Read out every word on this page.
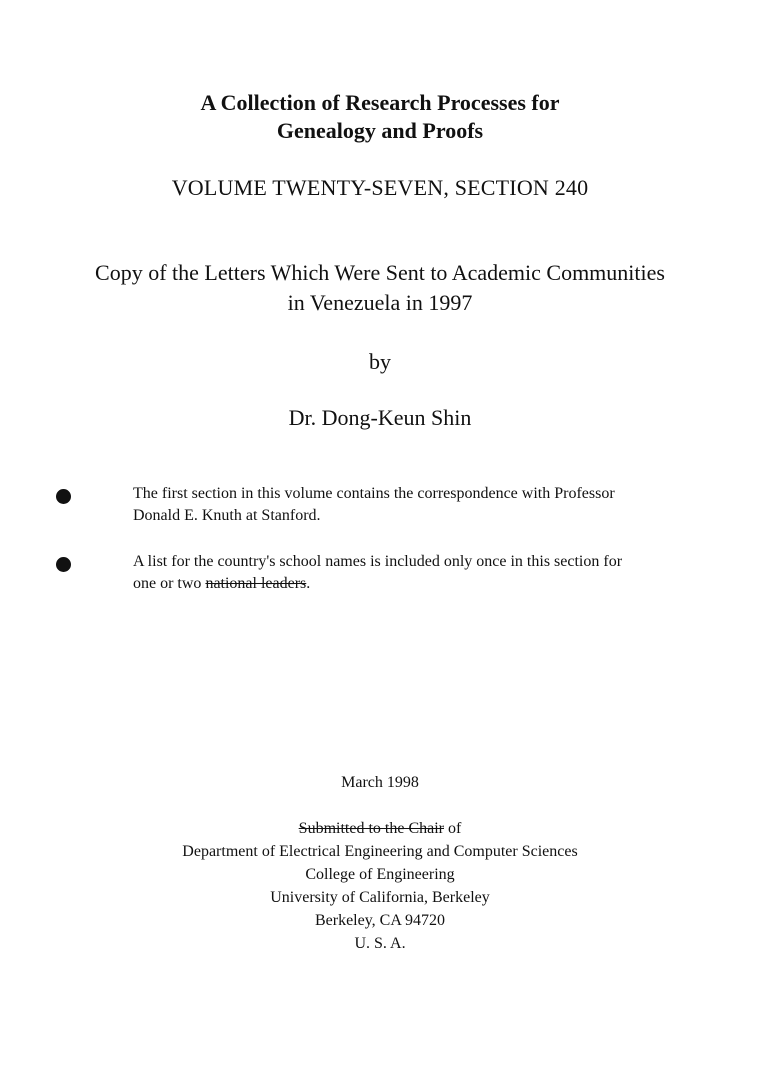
A Collection of Research Processes for
Genealogy and Proofs
VOLUME TWENTY-SEVEN, SECTION 240
Copy of the Letters Which Were Sent to Academic Communities
in Venezuela in 1997
by
Dr. Dong-Keun Shin
The first section in this volume contains the correspondence with Professor
Donald E. Knuth at Stanford.
A list for the country's school names is included only once in this section for
one or two national leaders.
March 1998
Submitted to the Chair of
Department of Electrical Engineering and Computer Sciences
College of Engineering
University of California, Berkeley
Berkeley, CA 94720
U. S. A.
